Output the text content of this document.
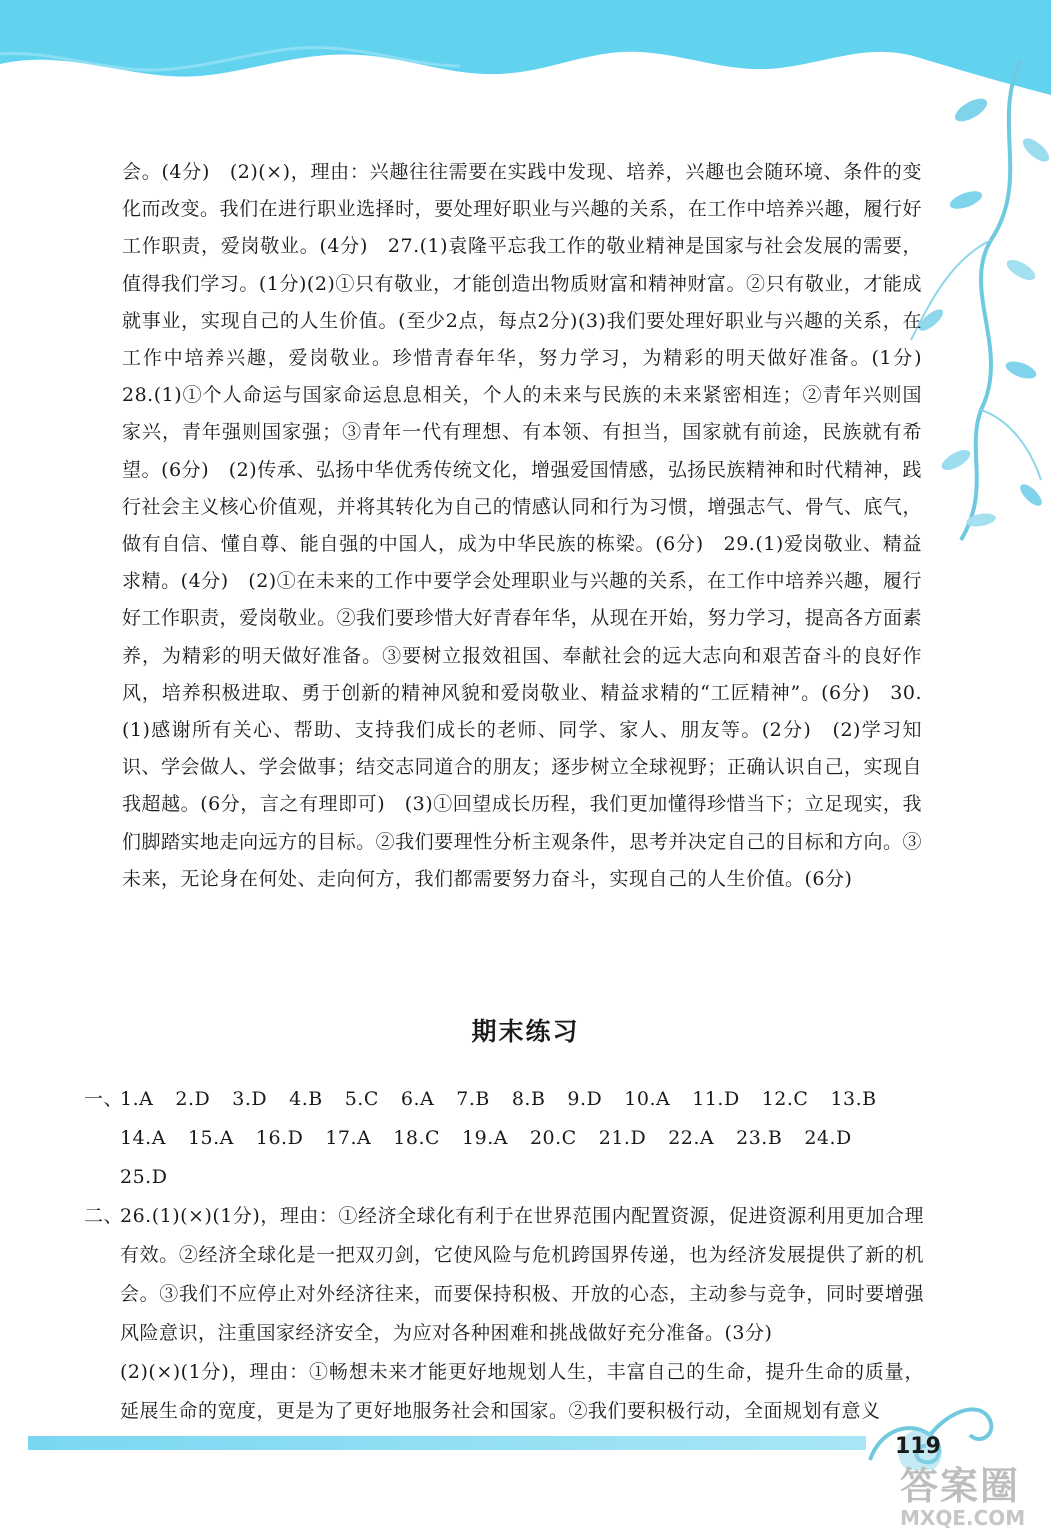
会。(4分)　(2)(×)，理由：兴趣往往需要在实践中发现、培养，兴趣也会随环境、条件的变化而改变。我们在进行职业选择时，要处理好职业与兴趣的关系，在工作中培养兴趣，履行好工作职责，爱岗敬业。(4分)　27.(1)袁隆平忘我工作的敬业精神是国家与社会发展的需要，值得我们学习。(1分)(2)①只有敬业，才能创造出物质财富和精神财富。②只有敬业，才能成就事业，实现自己的人生价值。(至少2点，每点2分)(3)我们要处理好职业与兴趣的关系，在工作中培养兴趣，爱岗敬业。珍惜青春年华，努力学习，为精彩的明天做好准备。(1分)　28.(1)①个人命运与国家命运息息相关，个人的未来与民族的未来紧密相连；②青年兴则国家兴，青年强则国家强；③青年一代有理想、有本领、有担当，国家就有前途，民族就有希望。(6分)　(2)传承、弘扬中华优秀传统文化，增强爱国情感，弘扬民族精神和时代精神，践行社会主义核心价值观，并将其转化为自己的情感认同和行为习惯，增强志气、骨气、底气，做有自信、懂自尊、能自强的中国人，成为中华民族的栋梁。(6分)　29.(1)爱岗敬业、精益求精。(4分)　(2)①在未来的工作中要学会处理职业与兴趣的关系，在工作中培养兴趣，履行好工作职责，爱岗敬业。②我们要珍惜大好青春年华，从现在开始，努力学习，提高各方面素养，为精彩的明天做好准备。③要树立报效祖国、奉献社会的远大志向和艰苦奋斗的良好作风，培养积极进取、勇于创新的精神风貌和爱岗敬业、精益求精的“工匠精神”。(6分)　30.(1)感谢所有关心、帮助、支持我们成长的老师、同学、家人、朋友等。(2分)　(2)学习知识、学会做人、学会做事；结交志同道合的朋友；逐步树立全球视野；正确认识自己，实现自我超越。(6分，言之有理即可)　(3)①回望成长历程，我们更加懂得珍惜当下；立足现实，我们脚踏实地走向远方的目标。②我们要理性分析主观条件，思考并决定自己的目标和方向。③未来，无论身在何处、走向何方，我们都需要努力奋斗，实现自己的人生价值。(6分)

期末练习
一、
1.A 2.D 3.D 4.B 5.C 6.A 7.B 8.B 9.D 10.A 11.D 12.C 13.B
14.A 15.A 16.D 17.A 18.C 19.A 20.C 21.D 22.A 23.B 24.D
25.D
二、
26.(1)(×)(1分)，理由：①经济全球化有利于在世界范围内配置资源，促进资源利用更加合理有效。②经济全球化是一把双刃剑，它使风险与危机跨国界传递，也为经济发展提供了新的机会。③我们不应停止对外经济往来，而要保持积极、开放的心态，主动参与竞争，同时要增强风险意识，注重国家经济安全，为应对各种困难和挑战做好充分准备。(3分)
(2)(×)(1分)，理由：①畅想未来才能更好地规划人生，丰富自己的生命，提升生命的质量，延展生命的宽度，更是为了更好地服务社会和国家。②我们要积极行动，全面规划有意义
119
答案圈
MXQE.COM
